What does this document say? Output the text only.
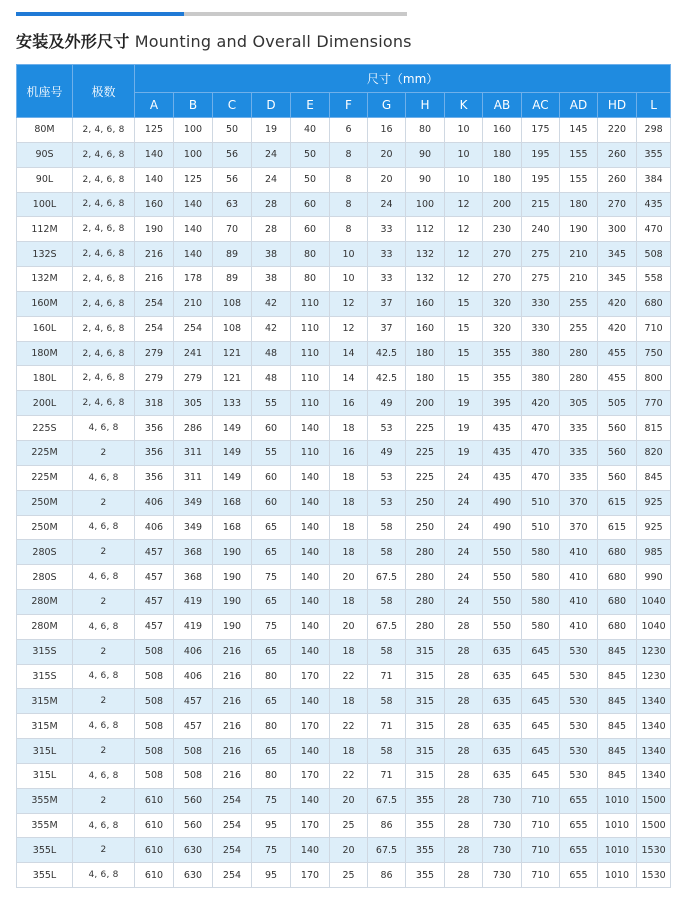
安装及外形尺寸 Mounting and Overall Dimensions
机座号	极数	尺寸（mm）													
		A	B	C	D	E	F	G	H	K	AB	AC	AD	HD	L
80M	2, 4, 6, 8	125	100	50	19	40	6	16	80	10	160	175	145	220	298
90S	2, 4, 6, 8	140	100	56	24	50	8	20	90	10	180	195	155	260	355
90L	2, 4, 6, 8	140	125	56	24	50	8	20	90	10	180	195	155	260	384
100L	2, 4, 6, 8	160	140	63	28	60	8	24	100	12	200	215	180	270	435
112M	2, 4, 6, 8	190	140	70	28	60	8	33	112	12	230	240	190	300	470
132S	2, 4, 6, 8	216	140	89	38	80	10	33	132	12	270	275	210	345	508
132M	2, 4, 6, 8	216	178	89	38	80	10	33	132	12	270	275	210	345	558
160M	2, 4, 6, 8	254	210	108	42	110	12	37	160	15	320	330	255	420	680
160L	2, 4, 6, 8	254	254	108	42	110	12	37	160	15	320	330	255	420	710
180M	2, 4, 6, 8	279	241	121	48	110	14	42.5	180	15	355	380	280	455	750
180L	2, 4, 6, 8	279	279	121	48	110	14	42.5	180	15	355	380	280	455	800
200L	2, 4, 6, 8	318	305	133	55	110	16	49	200	19	395	420	305	505	770
225S	4, 6, 8	356	286	149	60	140	18	53	225	19	435	470	335	560	815
225M	2	356	311	149	55	110	16	49	225	19	435	470	335	560	820
225M	4, 6, 8	356	311	149	60	140	18	53	225	24	435	470	335	560	845
250M	2	406	349	168	60	140	18	53	250	24	490	510	370	615	925
250M	4, 6, 8	406	349	168	65	140	18	58	250	24	490	510	370	615	925
280S	2	457	368	190	65	140	18	58	280	24	550	580	410	680	985
280S	4, 6, 8	457	368	190	75	140	20	67.5	280	24	550	580	410	680	990
280M	2	457	419	190	65	140	18	58	280	24	550	580	410	680	1040
280M	4, 6, 8	457	419	190	75	140	20	67.5	280	28	550	580	410	680	1040
315S	2	508	406	216	65	140	18	58	315	28	635	645	530	845	1230
315S	4, 6, 8	508	406	216	80	170	22	71	315	28	635	645	530	845	1230
315M	2	508	457	216	65	140	18	58	315	28	635	645	530	845	1340
315M	4, 6, 8	508	457	216	80	170	22	71	315	28	635	645	530	845	1340
315L	2	508	508	216	65	140	18	58	315	28	635	645	530	845	1340
315L	4, 6, 8	508	508	216	80	170	22	71	315	28	635	645	530	845	1340
355M	2	610	560	254	75	140	20	67.5	355	28	730	710	655	1010	1500
355M	4, 6, 8	610	560	254	95	170	25	86	355	28	730	710	655	1010	1500
355L	2	610	630	254	75	140	20	67.5	355	28	730	710	655	1010	1530
355L	4, 6, 8	610	630	254	95	170	25	86	355	28	730	710	655	1010	1530
